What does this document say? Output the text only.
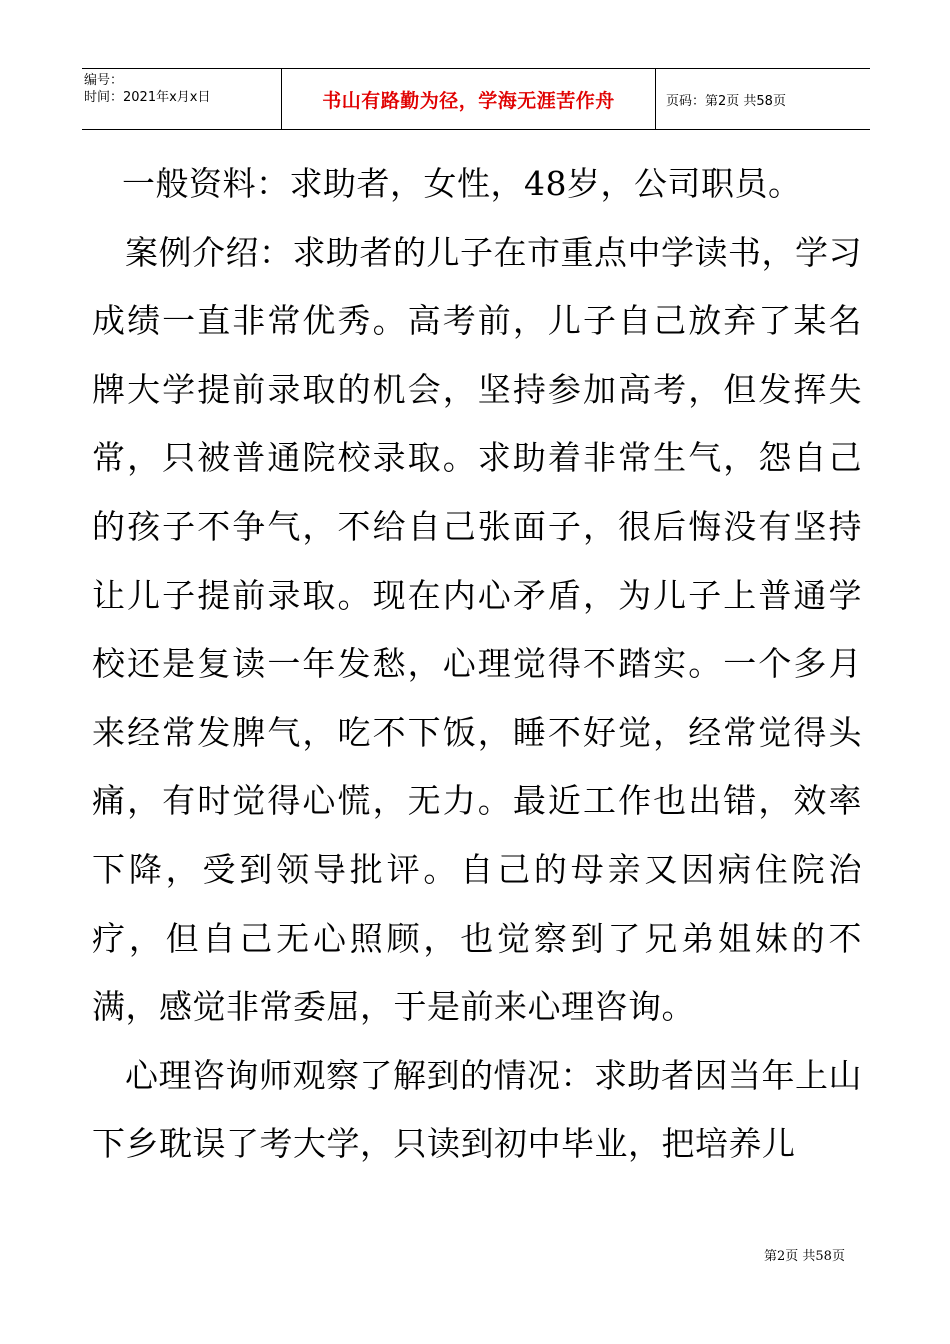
编号：
时间：2021年x月x日	书山有路勤为径，学海无涯苦作舟	页码：第2页 共58页

一般资料：求助者，女性，48岁，公司职员。

案例介绍：求助者的儿子在市重点中学读书，学习成绩一直非常优秀。高考前，儿子自己放弃了某名牌大学提前录取的机会，坚持参加高考，但发挥失常，只被普通院校录取。求助着非常生气，怨自己的孩子不争气，不给自己张面子，很后悔没有坚持让儿子提前录取。现在内心矛盾，为儿子上普通学校还是复读一年发愁，心理觉得不踏实。一个多月来经常发脾气，吃不下饭，睡不好觉，经常觉得头痛，有时觉得心慌，无力。最近工作也出错，效率下降，受到领导批评。自己的母亲又因病住院治疗，但自己无心照顾，也觉察到了兄弟姐妹的不满，感觉非常委屈，于是前来心理咨询。

心理咨询师观察了解到的情况：求助者因当年上山下乡耽误了考大学，只读到初中毕业，把培养儿

第2页 共58页
